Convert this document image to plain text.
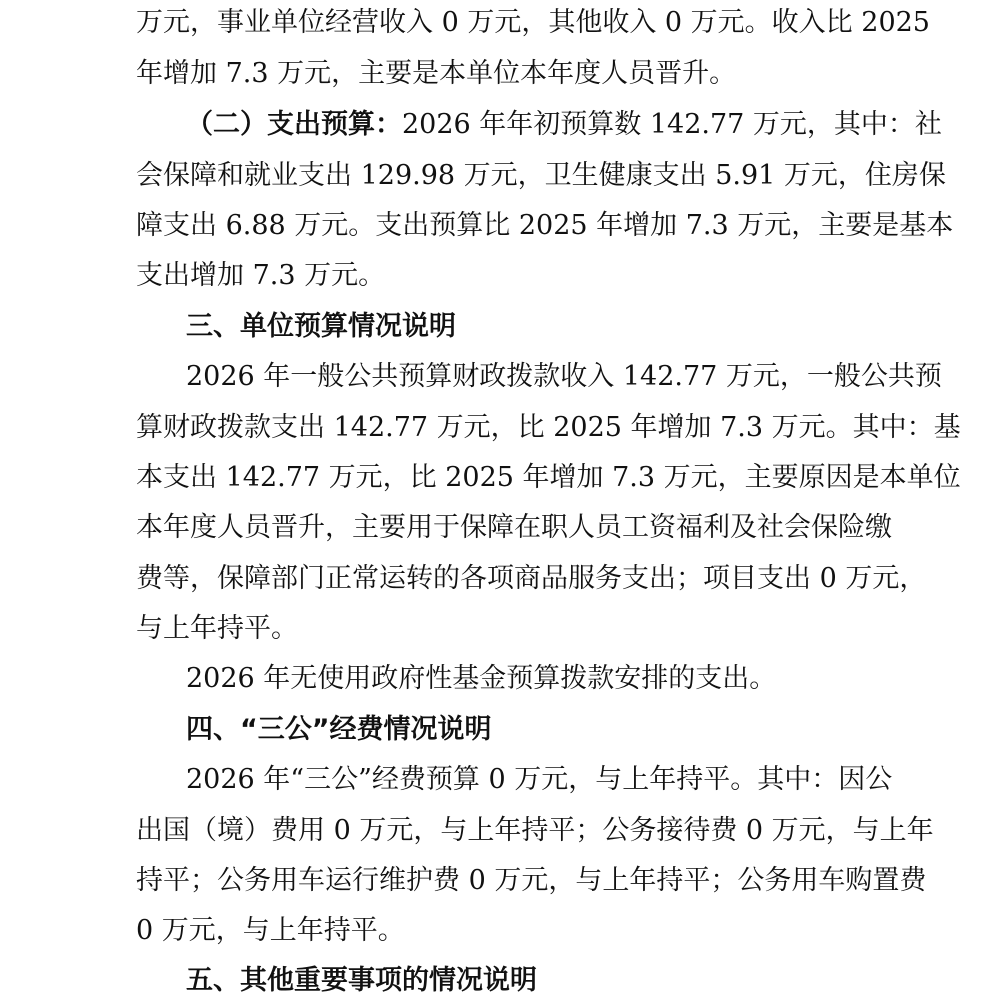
万元，事业单位经营收入 0 万元，其他收入 0 万元。收入比 2025
年增加 7.3 万元，主要是本单位本年度人员晋升。
（二）支出预算：2026 年年初预算数 142.77 万元，其中：社
会保障和就业支出 129.98 万元，卫生健康支出 5.91 万元，住房保
障支出 6.88 万元。支出预算比 2025 年增加 7.3 万元，主要是基本
支出增加 7.3 万元。
三、单位预算情况说明
2026 年一般公共预算财政拨款收入 142.77 万元，一般公共预
算财政拨款支出 142.77 万元，比 2025 年增加 7.3 万元。其中：基
本支出 142.77 万元，比 2025 年增加 7.3 万元，主要原因是本单位
本年度人员晋升，主要用于保障在职人员工资福利及社会保险缴
费等，保障部门正常运转的各项商品服务支出；项目支出 0 万元，
与上年持平。
2026 年无使用政府性基金预算拨款安排的支出。
四、“三公”经费情况说明
2026 年“三公”经费预算 0 万元，与上年持平。其中：因公
出国（境）费用 0 万元，与上年持平；公务接待费 0 万元，与上年
持平；公务用车运行维护费 0 万元，与上年持平；公务用车购置费
0 万元，与上年持平。
五、其他重要事项的情况说明
